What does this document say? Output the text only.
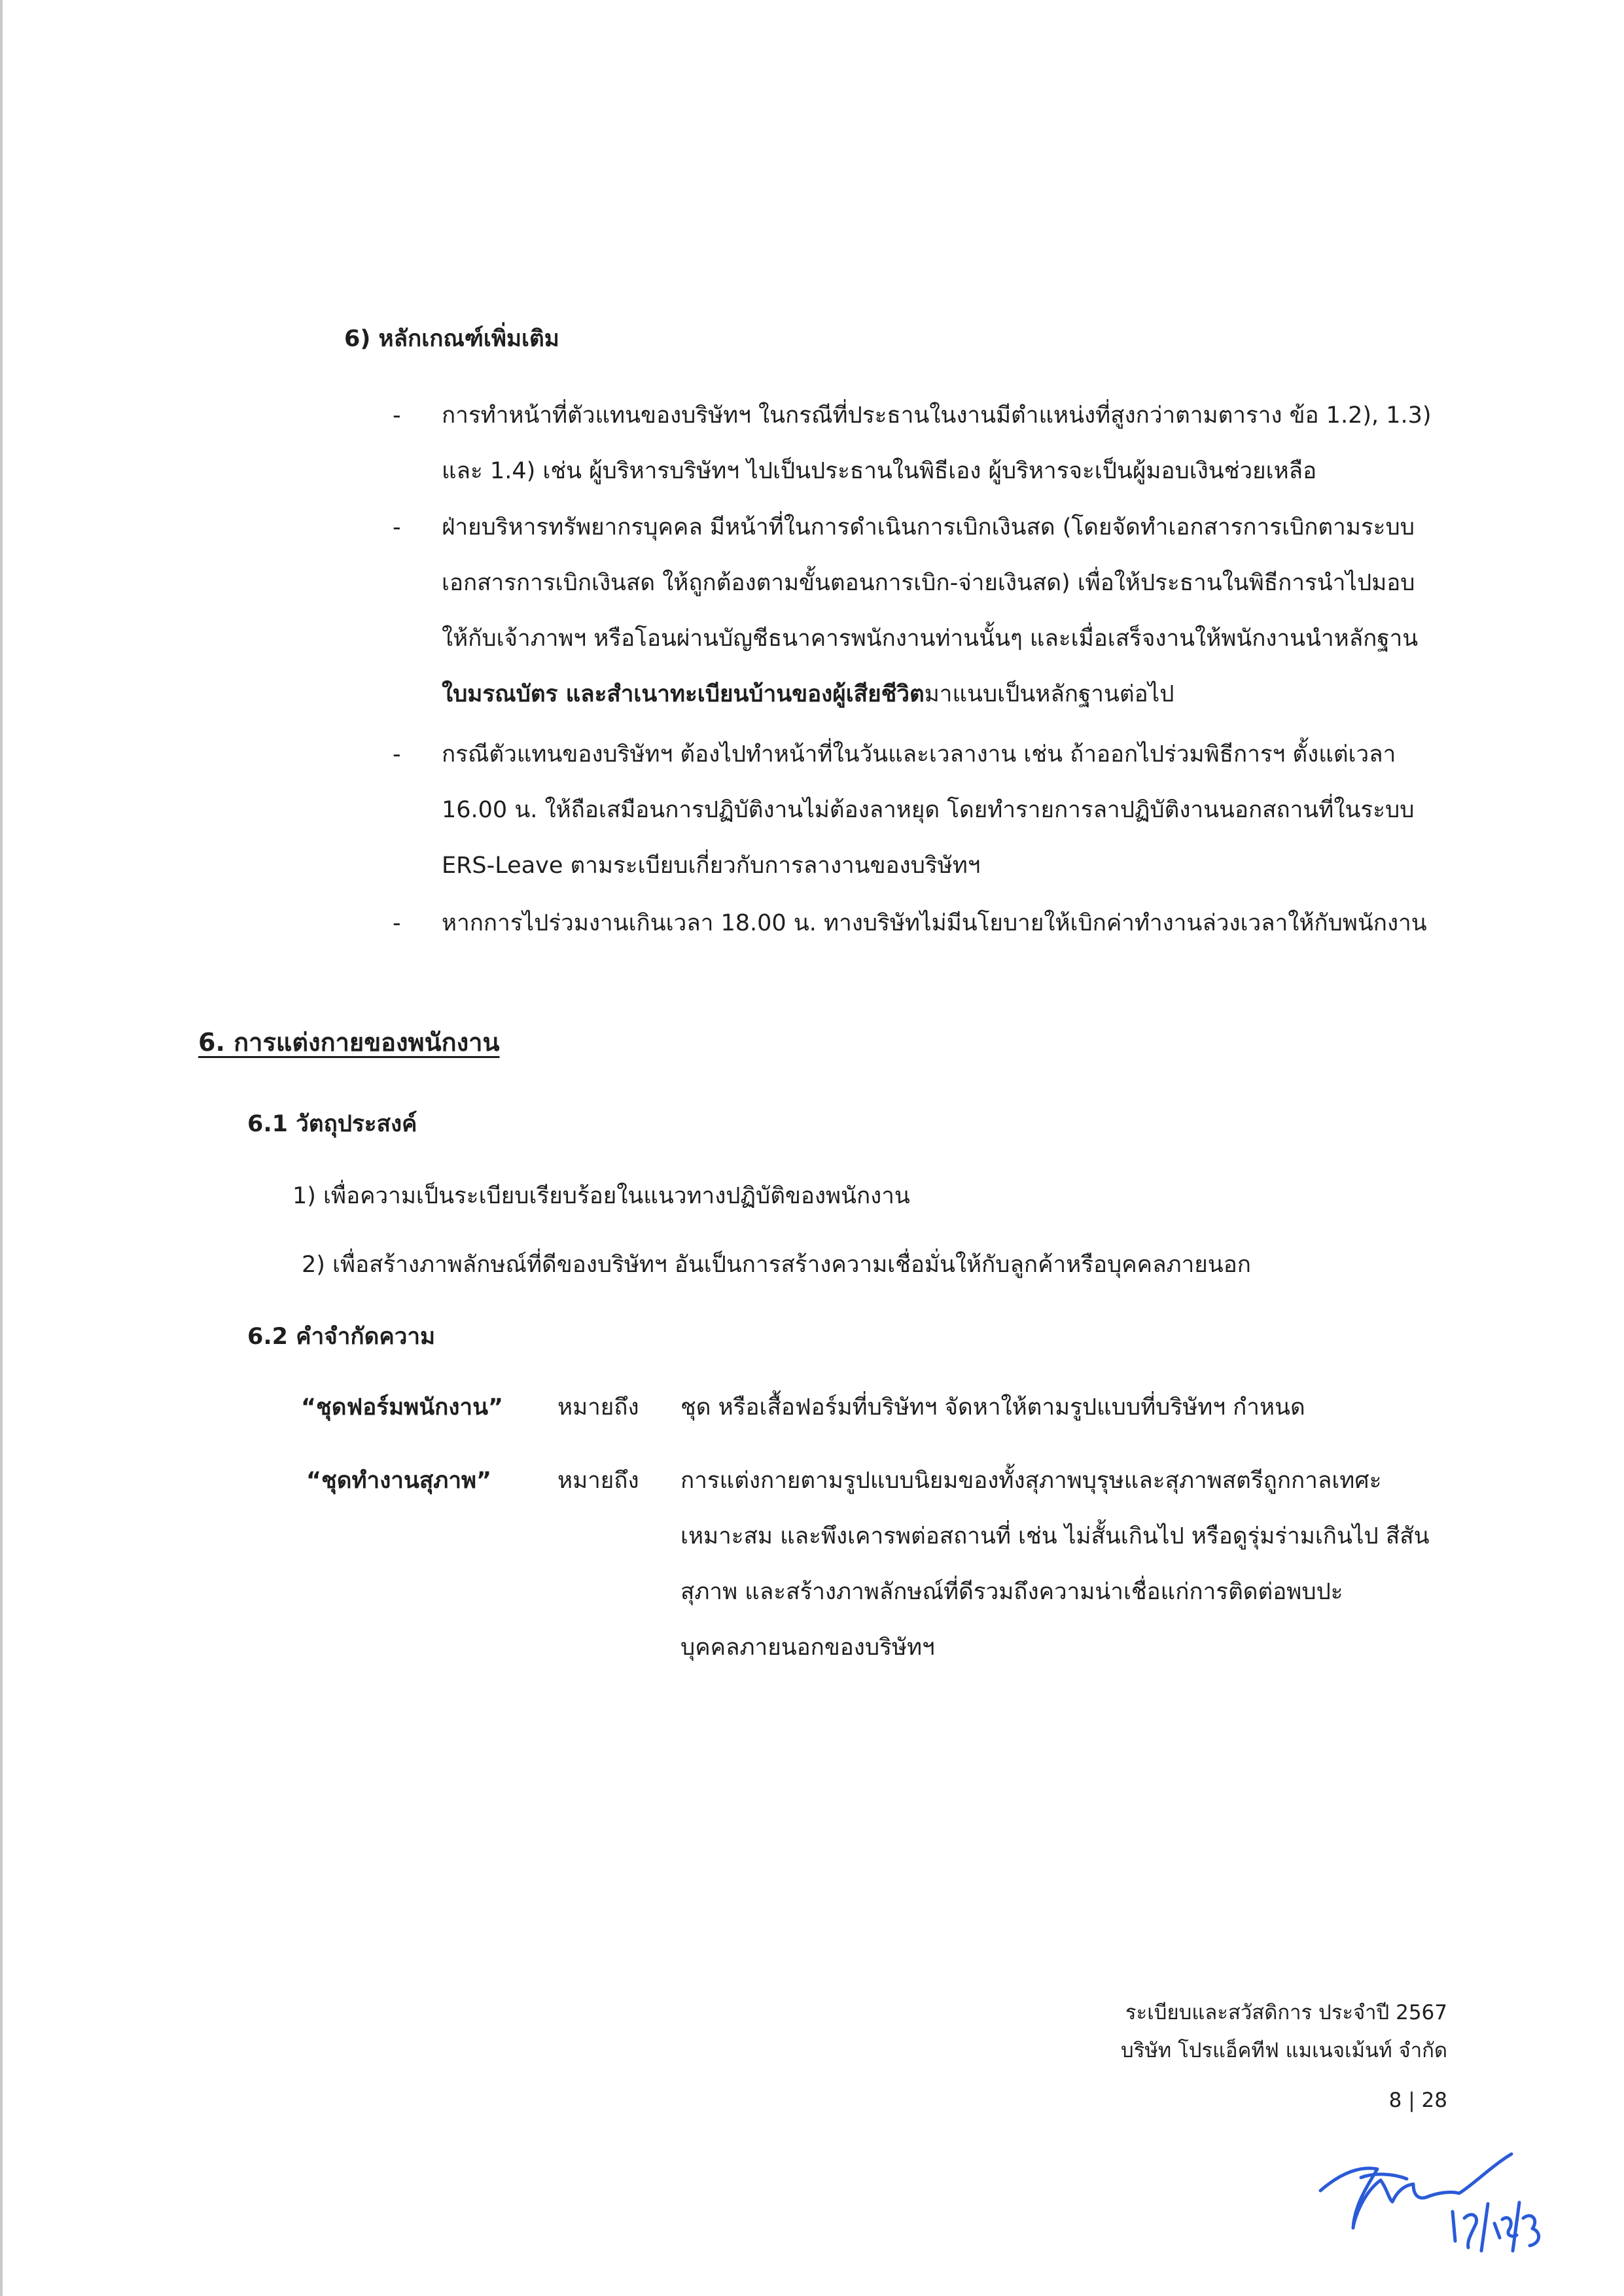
6) หลักเกณฑ์เพิ่มเติม
- การทำหน้าที่ตัวแทนของบริษัทฯ ในกรณีที่ประธานในงานมีตำแหน่งที่สูงกว่าตามตาราง ข้อ 1.2), 1.3)
และ 1.4) เช่น ผู้บริหารบริษัทฯ ไปเป็นประธานในพิธีเอง ผู้บริหารจะเป็นผู้มอบเงินช่วยเหลือ
- ฝ่ายบริหารทรัพยากรบุคคล มีหน้าที่ในการดำเนินการเบิกเงินสด (โดยจัดทำเอกสารการเบิกตามระบบ
เอกสารการเบิกเงินสด ให้ถูกต้องตามขั้นตอนการเบิก-จ่ายเงินสด) เพื่อให้ประธานในพิธีการนำไปมอบ
ให้กับเจ้าภาพฯ หรือโอนผ่านบัญชีธนาคารพนักงานท่านนั้นๆ และเมื่อเสร็จงานให้พนักงานนำหลักฐาน
ใบมรณบัตร และสำเนาทะเบียนบ้านของผู้เสียชีวิตมาแนบเป็นหลักฐานต่อไป
- กรณีตัวแทนของบริษัทฯ ต้องไปทำหน้าที่ในวันและเวลางาน เช่น ถ้าออกไปร่วมพิธีการฯ ตั้งแต่เวลา
16.00 น. ให้ถือเสมือนการปฏิบัติงานไม่ต้องลาหยุด โดยทำรายการลาปฏิบัติงานนอกสถานที่ในระบบ
ERS-Leave ตามระเบียบเกี่ยวกับการลางานของบริษัทฯ
- หากการไปร่วมงานเกินเวลา 18.00 น. ทางบริษัทไม่มีนโยบายให้เบิกค่าทำงานล่วงเวลาให้กับพนักงาน
6. การแต่งกายของพนักงาน
6.1 วัตถุประสงค์
1) เพื่อความเป็นระเบียบเรียบร้อยในแนวทางปฏิบัติของพนักงาน
2) เพื่อสร้างภาพลักษณ์ที่ดีของบริษัทฯ อันเป็นการสร้างความเชื่อมั่นให้กับลูกค้าหรือบุคคลภายนอก
6.2 คำจำกัดความ
“ชุดฟอร์มพนักงาน” หมายถึง ชุด หรือเสื้อฟอร์มที่บริษัทฯ จัดหาให้ตามรูปแบบที่บริษัทฯ กำหนด
“ชุดทำงานสุภาพ”	หมายถึง การแต่งกายตามรูปแบบนิยมของทั้งสุภาพบุรุษและสุภาพสตรีถูกกาลเทศะ
เหมาะสม และพึงเคารพต่อสถานที่ เช่น ไม่สั้นเกินไป หรือดูรุ่มร่ามเกินไป สีสัน
สุภาพ และสร้างภาพลักษณ์ที่ดีรวมถึงความน่าเชื่อแก่การติดต่อพบปะ
บุคคลภายนอกของบริษัทฯ
ระเบียบและสวัสดิการ ประจำปี 2567
บริษัท โปรแอ็คทีฟ แมเนจเม้นท์ จำกัด
8 | 28
